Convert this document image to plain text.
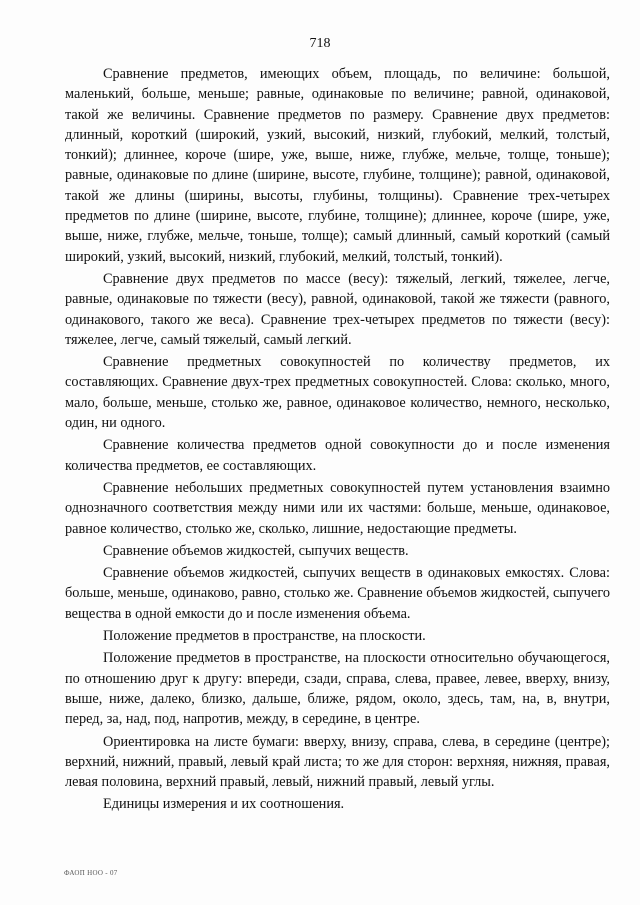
718

Сравнение предметов, имеющих объем, площадь, по величине: большой, маленький, больше, меньше; равные, одинаковые по величине; равной, одинаковой, такой же величины. Сравнение предметов по размеру. Сравнение двух предметов: длинный, короткий (широкий, узкий, высокий, низкий, глубокий, мелкий, толстый, тонкий); длиннее, короче (шире, уже, выше, ниже, глубже, мельче, толще, тоньше); равные, одинаковые по длине (ширине, высоте, глубине, толщине); равной, одинаковой, такой же длины (ширины, высоты, глубины, толщины). Сравнение трех-четырех предметов по длине (ширине, высоте, глубине, толщине); длиннее, короче (шире, уже, выше, ниже, глубже, мельче, тоньше, толще); самый длинный, самый короткий (самый широкий, узкий, высокий, низкий, глубокий, мелкий, толстый, тонкий).

Сравнение двух предметов по массе (весу): тяжелый, легкий, тяжелее, легче, равные, одинаковые по тяжести (весу), равной, одинаковой, такой же тяжести (равного, одинакового, такого же веса). Сравнение трех-четырех предметов по тяжести (весу): тяжелее, легче, самый тяжелый, самый легкий.

Сравнение предметных совокупностей по количеству предметов, их составляющих. Сравнение двух-трех предметных совокупностей. Слова: сколько, много, мало, больше, меньше, столько же, равное, одинаковое количество, немного, несколько, один, ни одного.

Сравнение количества предметов одной совокупности до и после изменения количества предметов, ее составляющих.

Сравнение небольших предметных совокупностей путем установления взаимно однозначного соответствия между ними или их частями: больше, меньше, одинаковое, равное количество, столько же, сколько, лишние, недостающие предметы.

Сравнение объемов жидкостей, сыпучих веществ.

Сравнение объемов жидкостей, сыпучих веществ в одинаковых емкостях. Слова: больше, меньше, одинаково, равно, столько же. Сравнение объемов жидкостей, сыпучего вещества в одной емкости до и после изменения объема.

Положение предметов в пространстве, на плоскости.

Положение предметов в пространстве, на плоскости относительно обучающегося, по отношению друг к другу: впереди, сзади, справа, слева, правее, левее, вверху, внизу, выше, ниже, далеко, близко, дальше, ближе, рядом, около, здесь, там, на, в, внутри, перед, за, над, под, напротив, между, в середине, в центре.

Ориентировка на листе бумаги: вверху, внизу, справа, слева, в середине (центре); верхний, нижний, правый, левый край листа; то же для сторон: верхняя, нижняя, правая, левая половина, верхний правый, левый, нижний правый, левый углы.

Единицы измерения и их соотношения.

ФАОП НОО - 07
